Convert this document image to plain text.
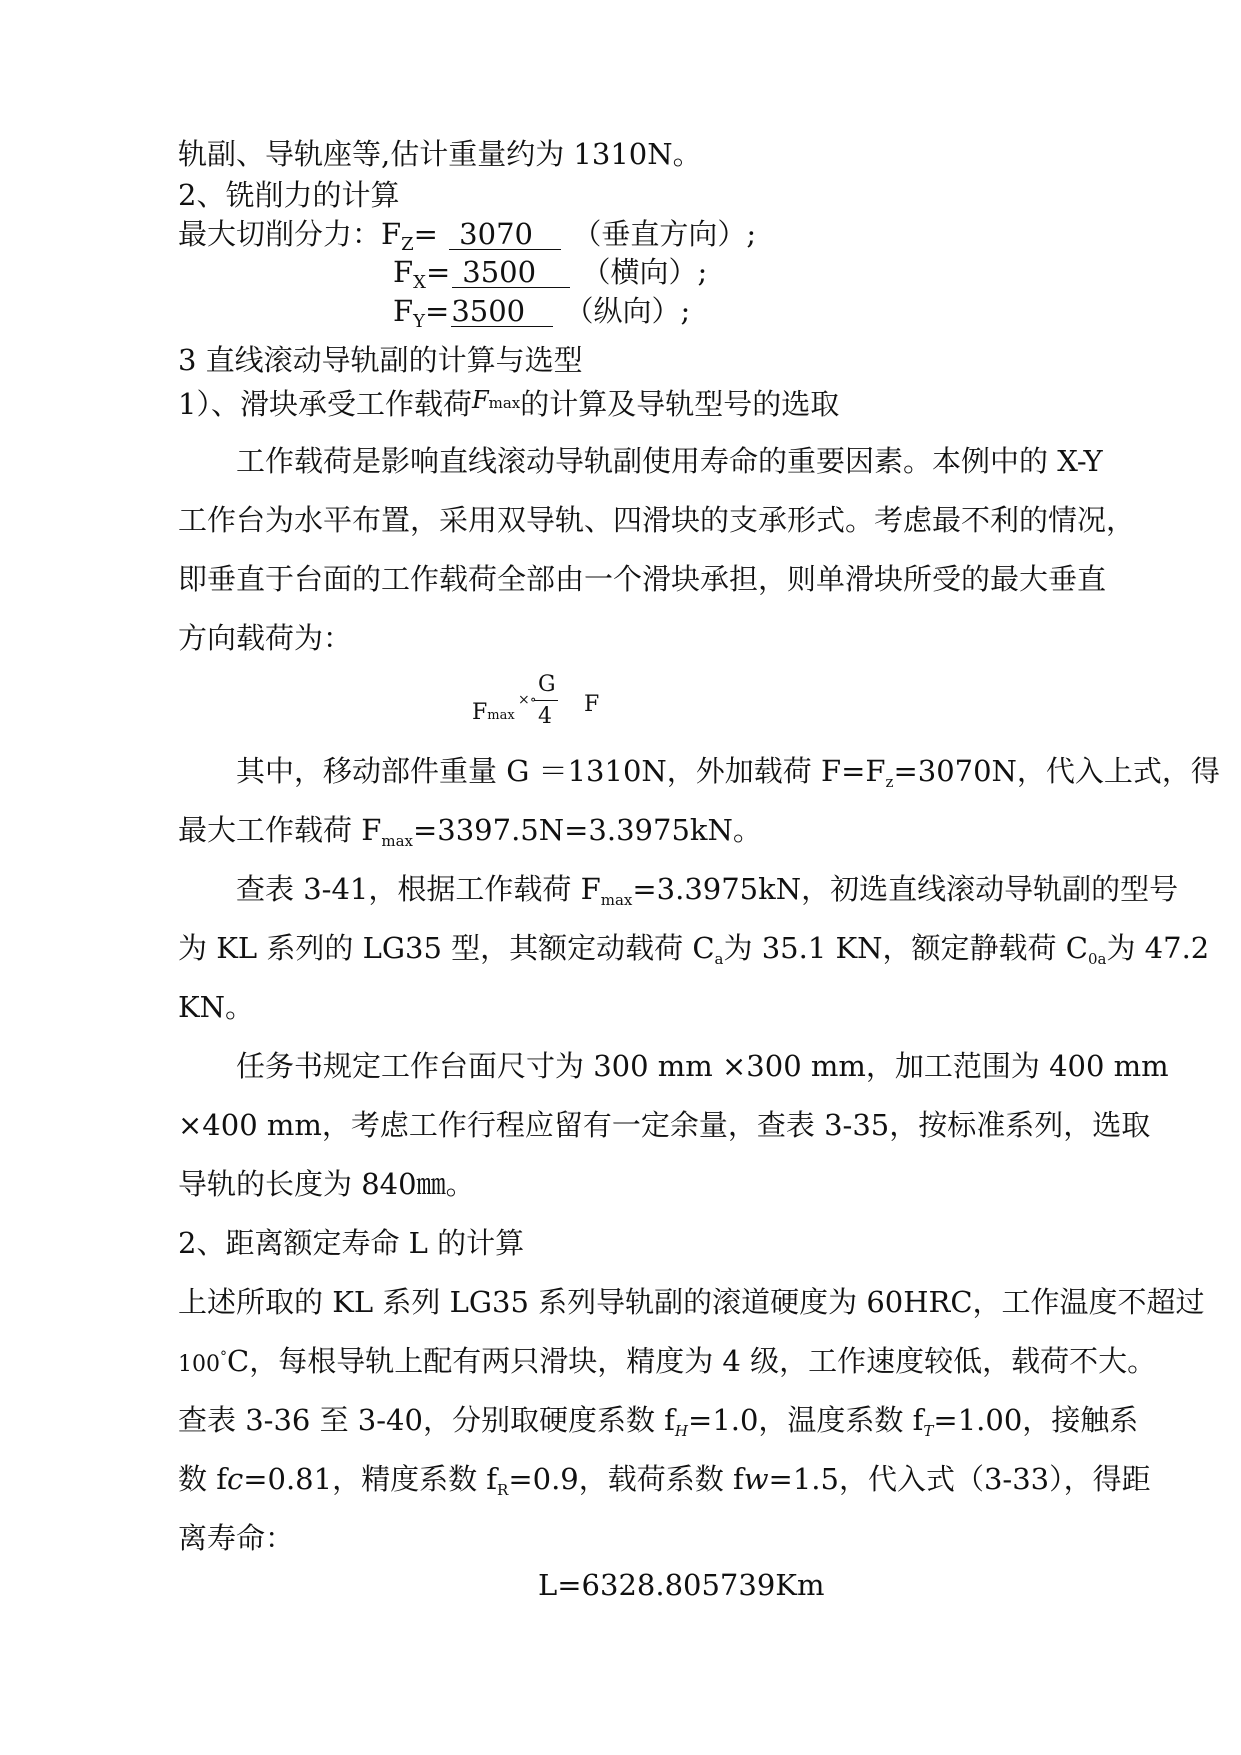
轨副、导轨座等,估计重量约为 1310N。
2、铣削力的计算
最大切削分力：$F_Z= 3070$ （垂直方向）;
$F_X= 3500$ （横向）;
$F_Y=3500$ （纵向）;
3 直线滚动导轨副的计算与选型
1）、滑块承受工作载荷$^{Fmax}$的计算及导轨型号的选取
工作载荷是影响直线滚动导轨副使用寿命的重要因素。本例中的 X-Y
工作台为水平布置，采用双导轨、四滑块的支承形式。考虑最不利的情况，
即垂直于台面的工作载荷全部由一个滑块承担，则单滑块所受的最大垂直
方向载荷为：
Fmax
×∘
G
4 F
其中，移动部件重量 G ＝1310N，外加载荷 $F=F_z=3070N$，代入上式，得
最大工作载荷 $F_{max}=3397.5N=3.3975kN$。
查表 3-41，根据工作载荷 $F_{max}=3.3975kN$，初选直线滚动导轨副的型号
为 KL 系列的 LG35 型，其额定动载荷 $C_a$为 35.1 KN，额定静载荷 $C_{0a}$为 47.2
KN。
任务书规定工作台面尺寸为 300 mm ×300 mm，加工范围为 400 mm
×400 mm，考虑工作行程应留有一定余量，查表 3-35，按标准系列，选取
导轨的长度为 840㎜。
2、距离额定寿命 L 的计算
上述所取的 KL 系列 LG35 系列导轨副的滚道硬度为 60HRC，工作温度不超过
100°C，每根导轨上配有两只滑块，精度为 4 级，工作速度较低，载荷不大。
查表 3-36 至 3-40，分别取硬度系数 $f_H=1.0$，温度系数 $f_T=1.00$，接触系
数 fc=0.81，精度系数 $f_R=0.9$，载荷系数 fw=1.5，代入式（3-33），得距
离寿命：
L=6328.805739Km
